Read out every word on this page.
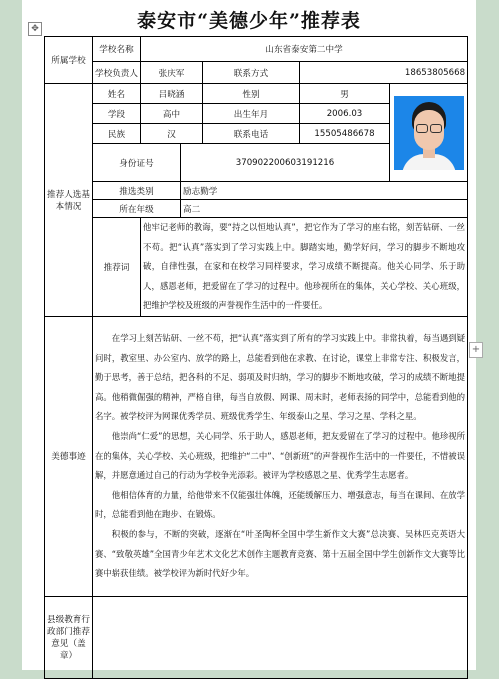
泰安市“美德少年”推荐表
所属学校	学校名称	山东省泰安第二中学				
	学校负责人	张庆军		联系方式	18653805668	
推荐人选基本情况	姓名	吕晓涵		性别	男	

	学段	高中		出生年月	2006.03	
	民族	汉		联系电话	15505486678	
	身份证号		370902200603191216			
	推选类别		励志勤学			
	所在年级		高二			
	推荐词	他牢记老师的教诲，要“持之以恒地认真”，把它作为了学习的座右铭，刻苦钻研、一丝不苟。把“认真”落实到了学习实践上中。脚踏实地，勤学好问，学习的脚步不断地攻破，自律性强，在家和在校学习同样要求，学习成绩不断提高。他关心同学、乐于助人，感恩老师，把爱留在了学习的过程中。他珍视所在的集体，关心学校、关心班级，把维护学校及班级的声誉视作生活中的一件要任。				
美德事迹	在学习上刻苦钻研、一丝不苟，把“认真”落实到了所有的学习实践上中。非常执着，每当遇到疑问时，教室里、办公室内、放学的路上，总能看到他在求教、在讨论，课堂上非常专注、积极发言，勤于思考，善于总结，把各科的不足、弱项及时归纳，学习的脚步不断地攻破，学习的成绩不断地提高。他稍微倔强的精神，严格自律，每当自放假、网课、周末时，老师表扬的同学中，总能看到他的名字。被学校评为网课优秀学员、班级优秀学生、年级泰山之星、学习之星、学科之星。

他崇尚“仁爱”的思想，关心同学、乐于助人，感恩老师，把友爱留在了学习的过程中。他珍视所在的集体，关心学校、关心班级，把维护“二中”、“创新班”的声誉视作生活中的一件要任，不惜被误解，并愿意通过自己的行动为学校争光添彩。被评为学校感恩之星、优秀学生志愿者。

他相信体育的力量，给他带来不仅能强壮体魄，还能缓解压力、增强意志，每当在课间、在放学时，总能看到他在跑步、在锻炼。

积极的参与，不断的突破，逐渐在“叶圣陶杯全国中学生新作文大赛”总决赛、吴林匹克英语大赛、“致敬英雄”全国青少年艺术文化艺术创作主题教育竞赛、第十五届全国中学生创新作文大赛等比赛中崭获佳绩。被学校评为新时代好少年。					

县级教育行政部门推荐意见（盖章）						
✥
+
